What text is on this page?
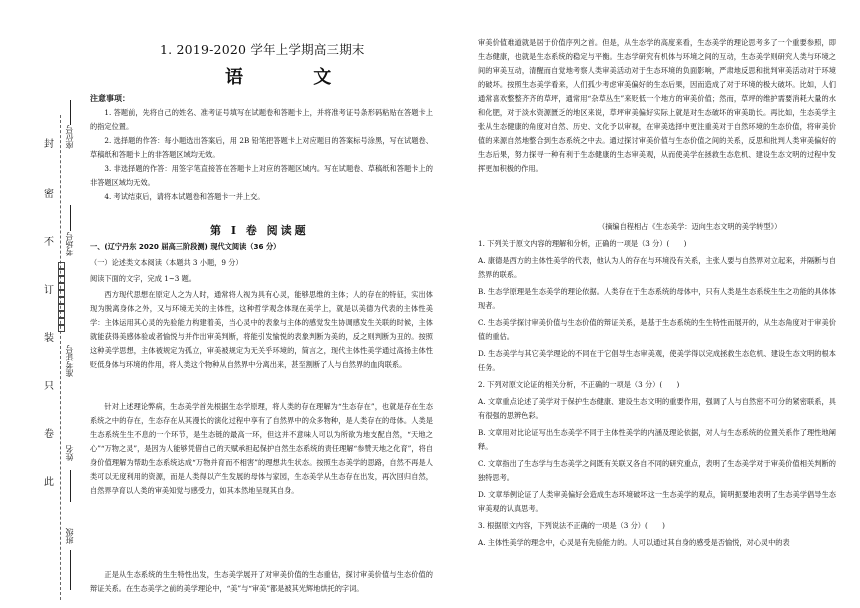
封
密
不
订
装
只
卷
此
座位号
考场号
准考证号
姓名
班级
1. 2019-2020 学年上学期高三期末
语 文
注意事项：

1. 答题前，先将自己的姓名、准考证号填写在试题卷和答题卡上，并将准考证号条形码粘贴在答题卡上的指定位置。

2. 选择题的作答：每小题选出答案后，用 2B 铅笔把答题卡上对应题目的答案标号涂黑，写在试题卷、草稿纸和答题卡上的非答题区域均无效。

3. 非选择题的作答：用签字笔直接答在答题卡上对应的答题区域内。写在试题卷、草稿纸和答题卡上的非答题区域均无效。

4. 考试结束后，请将本试题卷和答题卡一并上交。

第 I 卷 阅读题

一、(辽宁丹东 2020 届高三阶段测) 现代文阅读（36 分）

（一）论述类文本阅读（本题共 3 小题，9 分）

阅读下面的文字，完成 1~3 题。

西方现代思想在原定人之为人时，通常将人视为具有心灵，能够思维的主体；人的存在的特征，实出体现为脱离身体之外，又与环境无关的主体性，这种哲学观念体现在美学上，就是以美德为代表的主体性美学：主体运用其心灵的先验能力构建着美，当心灵中的表象与主体的感觉发生协调感发生关联的时候，主体就能获得美感体验或者愉悦与并作出审美判断，将能引发愉悦的表象判断为美的，反之则判断为丑的。按照这种美学思想，主体被规定为孤立，审美被规定为无关乎环境的，简言之，现代主体性美学通过高扬主体性贬低身体与环境的作用，将人类这个物种从自然界中分离出来，甚至割断了人与自然界的血肉联系。

针对上述理论弊病，生态美学首先根据生态学原理，将人类的存在理解为“生态存在”，也就是存在生态系统之中的存在，生态存在从其漫长的演化过程中享有了自然界中的众多物种，是人类存在的母体。人类是生态系统生生不息的一个环节，是生态链的最高一环，但这并不意味人可以为所欲为地支配自然，“天地之心”“万物之灵”，是因为人能够凭借自己的天赋承担起保护自然生态系统的责任理解“参赞天地之化育”，将自身价值理解为帮助生态系统达成“万物并育而不相害”的理想共生状态。按照生态美学的思路，自然不再是人类可以无度利用的资源，而是人类得以产生发展的母体与家园，生态美学从生态存在出发，再次回归自然，自然界孕育以人类的审美知觉与感受力，如其本然地呈现其自身。

正是从生态系统的生生特性出发，生态美学展开了对审美价值的生态重估，探讨审美价值与生态价值的辩证关系。在生态美学之前的美学理论中，“美”与“审美”都是被其光辉地烘托的字词。

审美价值难道就是居于价值序列之首。但是，从生态学的高度来看，生态美学的理论思考多了一个重要参照，即生态健康，也就是生态系统的稳定与平衡。生态学研究有机体与环境之间的互动，生态美学则研究人类与环境之间的审美互动，清醒而自觉地考察人类审美活动对于生态环境的负面影响，严肃地反思和批判审美活动对于环境的破坏。按照生态美学看来，人们孤少考虑审美偏好的生态后果，因而造成了对于环境的极大破坏。比如，人们通常喜欢整整齐齐的草坪，通常用“杂草丛生”来贬低一个地方的审美价值；然而，草坪的维护需要消耗大量的水和化肥，对于淡水资源匮乏的地区来说，草坪审美偏好实际上就是对生态破坏的审美助长。再比如，生态美学主张从生态健康的角度对自然、历史、文化予以审视，在审美选择中更注重美对于自然环境的生态价值，将审美价值的来源自然地整合到生态系统之中去。通过探讨审美价值与生态价值之间的关系，反思和批判人类审美偏好的生态后果，努力探寻一种有利于生态健康的生态审美观，从而使美学在拯救生态危机、建设生态文明的过程中发挥更加积极的作用。

（摘编自程相占《生态美学：迈向生态文明的美学转型》）

1. 下列关于原文内容的理解和分析，正确的一项是（3 分）(　　)

A. 康德是西方的主体性美学的代表，他认为人的存在与环境没有关系，主张人要与自然界对立起来，并隔断与自然界的联系。

B. 生态学原理是生态美学的理论依据。人类存在于生态系统的母体中，只有人类是生态系统生生之功能的具体体现者。

C. 生态美学探讨审美价值与生态价值的辩证关系，是基于生态系统的生生特性而展开的，从生态角度对于审美价值的重估。

D. 生态美学与其它美学理论的不同在于它倡导生态审美观，使美学得以完成拯救生态危机、建设生态文明的根本任务。

2. 下列对原文论证的相关分析，不正确的一项是（3 分）(　　)

A. 文章重点论述了美学对于保护生态健康、建设生态文明的重要作用，强调了人与自然密不可分的紧密联系，具有很强的思辨色彩。

B. 文章用对比论证写出生态美学不同于主体性美学的内涵及理论依据，对人与生态系统的位置关系作了理性地阐释。

C. 文章指出了生态学与生态美学之间既有关联又各自不同的研究重点，表明了生态美学对于审美价值相关判断的独特思考。

D. 文章举例论证了人类审美偏好会造成生态环境破坏这一生态美学的观点，简明扼要地表明了生态美学倡导生态审美观的认真思考。

3. 根据原文内容，下列说法不正确的一项是（3 分）(　　)

A. 主体性美学的理念中，心灵是有先验能力的。人可以通过其自身的感受是否愉悦，对心灵中的表
